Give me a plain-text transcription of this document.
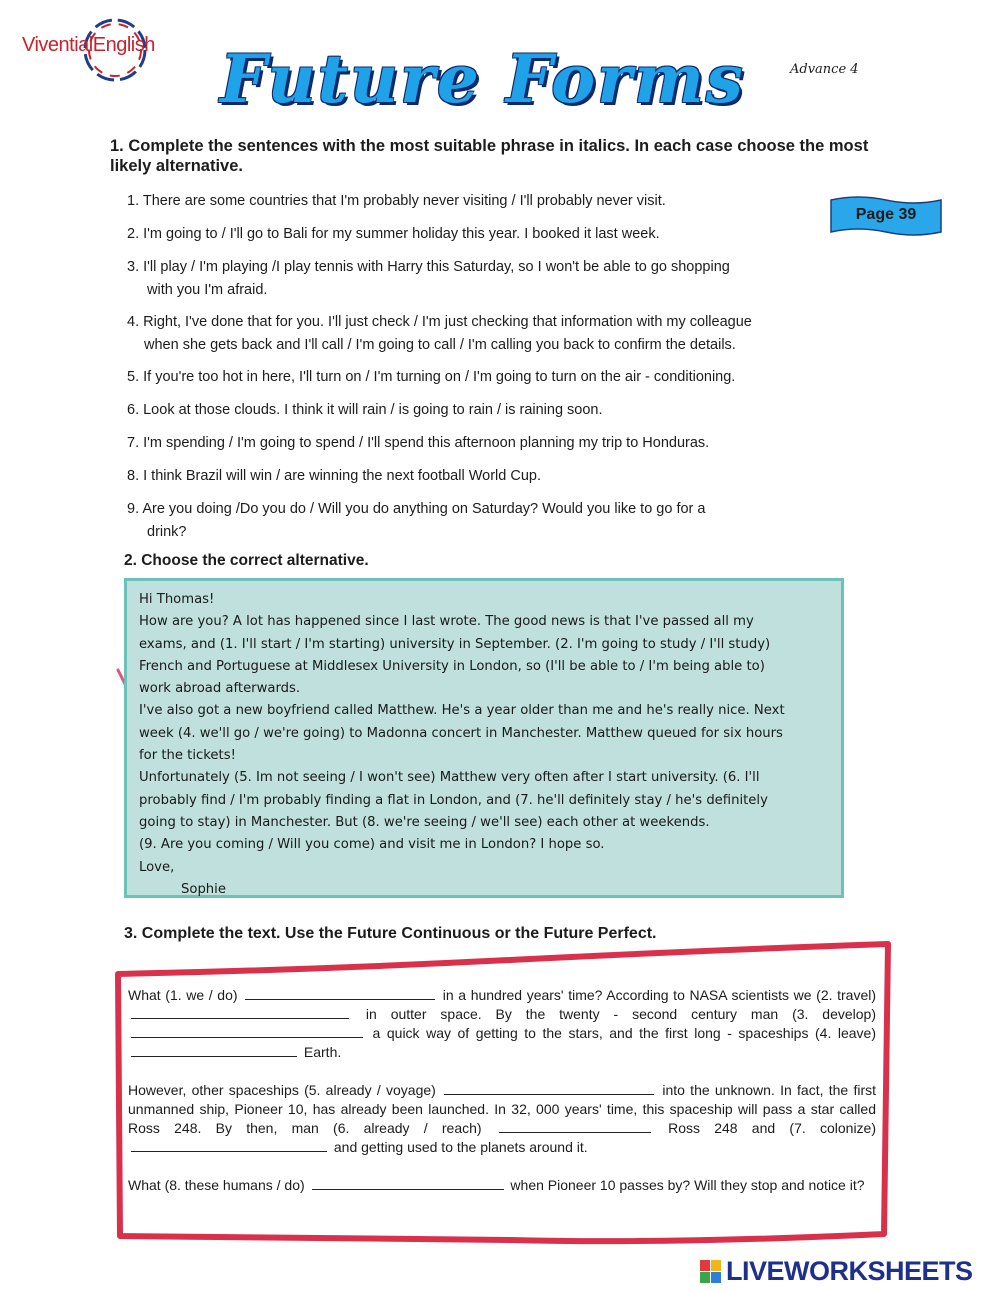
ViventialEnglish Future Forms	Advance 4
1. Complete the sentences with the most suitable phrase in italics. In each case choose the most likely alternative.
Page 39
1. There are some countries that I'm probably never visiting / I'll probably never visit.
2. I'm going to / I'll go to Bali for my summer holiday this year. I booked it last week.
3. I'll play / I'm playing /I play tennis with Harry this Saturday, so I won't be able to go shopping
with you I'm afraid.
4. Right, I've done that for you. I'll just check / I'm just checking that information with my colleague
when she gets back and I'll call / I'm going to call / I'm calling you back to confirm the details.
5. If you're too hot in here, I'll turn on / I'm turning on / I'm going to turn on the air - conditioning.
6. Look at those clouds. I think it will rain / is going to rain / is raining soon.
7. I'm spending / I'm going to spend / I'll spend this afternoon planning my trip to Honduras.
8. I think Brazil will win / are winning the next football World Cup.
9. Are you doing /Do you do / Will you do anything on Saturday? Would you like to go for a
drink?
2. Choose the correct alternative.

Hi Thomas!

How are you? A lot has happened since I last wrote. The good news is that I've passed all my

exams, and (1. I'll start / I'm starting) university in September. (2. I'm going to study / I'll study)

French and Portuguese at Middlesex University in London, so (I'll be able to / I'm being able to)

work abroad afterwards.

I've also got a new boyfriend called Matthew. He's a year older than me and he's really nice. Next

week (4. we'll go / we're going) to Madonna concert in Manchester. Matthew queued for six hours

for the tickets!

Unfortunately (5. Im not seeing / I won't see) Matthew very often after I start university. (6. I'll

probably find / I'm probably finding a flat in London, and (7. he'll definitely stay / he's definitely

going to stay) in Manchester. But (8. we're seeing / we'll see) each other at weekends.

(9. Are you coming / Will you come) and visit me in London? I hope so.

Love,

Sophie

3. Complete the text. Use the Future Continuous or the Future Perfect.

What (1. we / do)	in a hundred years' time? According to NASA scientists we (2. travel)  in outter space. By the twenty - second century man (3. develop)  a quick way of getting to the stars, and the first long - spaceships (4. leave)  Earth.

However, other spaceships (5. already / voyage)	into the unknown. In fact, the first unmanned ship, Pioneer 10, has already been launched. In 32, 000 years' time, this spaceship will pass a star called Ross 248. By then, man (6. already / reach)	Ross 248 and (7. colonize)  and getting used to the planets around it.

What (8. these humans / do)	when Pioneer 10 passes by? Will they stop and notice it?

LIVEWORKSHEETS
